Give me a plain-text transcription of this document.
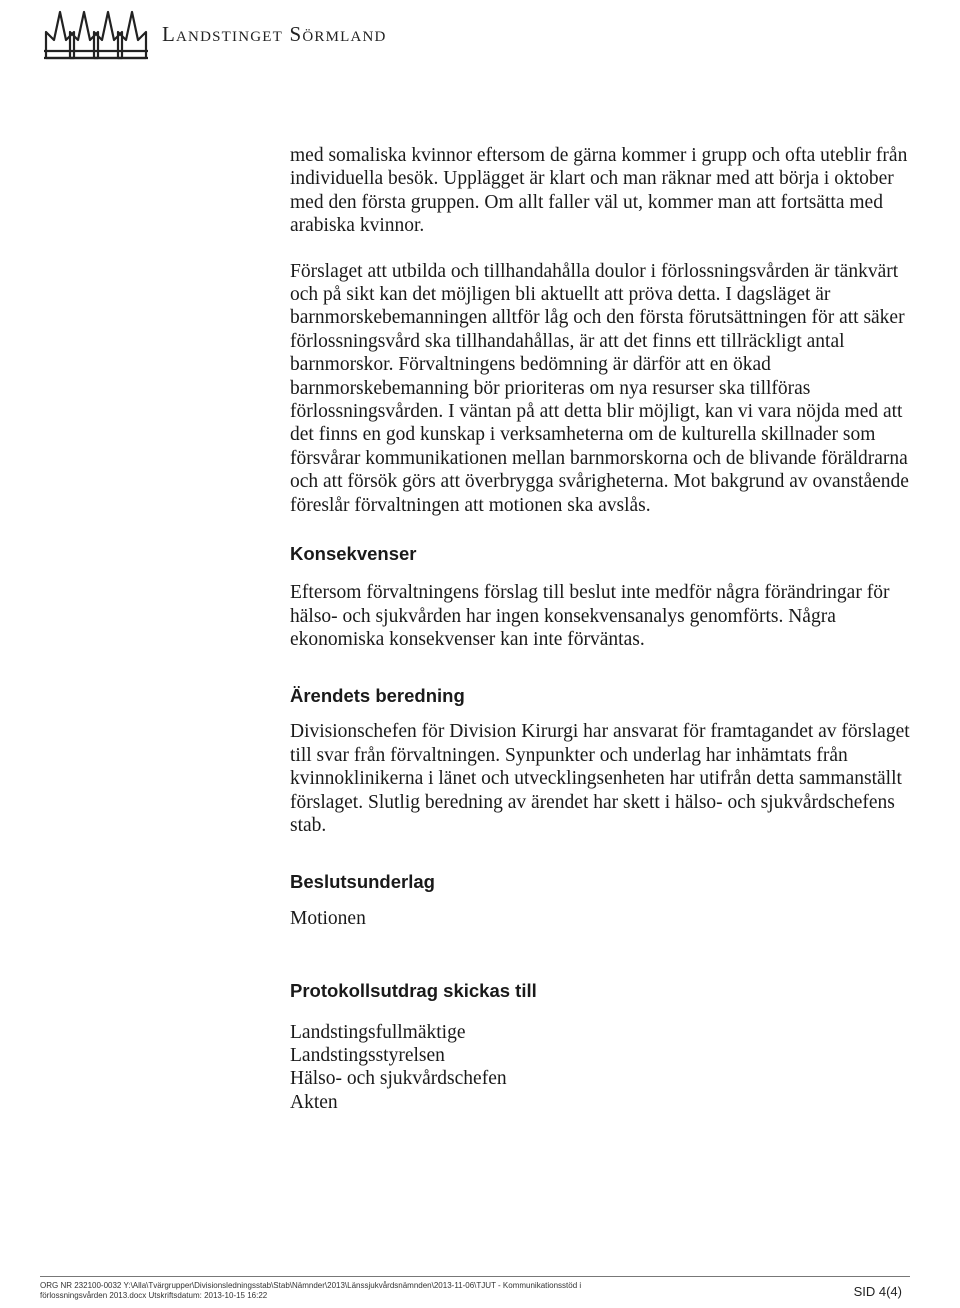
Landstinget Sörmland

med somaliska kvinnor eftersom de gärna kommer i grupp och ofta uteblir från individuella besök. Upplägget är klart och man räknar med att börja i oktober med den första gruppen. Om allt faller väl ut, kommer man att fortsätta med arabiska kvinnor.

Förslaget att utbilda och tillhandahålla doulor i förlossningsvården är tänkvärt och på sikt kan det möjligen bli aktuellt att pröva detta. I dagsläget är barnmorskebemanningen alltför låg och den första förutsättningen för att säker förlossningsvård ska tillhandahållas, är att det finns ett tillräckligt antal barnmorskor. Förvaltningens bedömning är därför att en ökad barnmorskebemanning bör prioriteras om nya resurser ska tillföras förlossningsvården. I väntan på att detta blir möjligt, kan vi vara nöjda med att det finns en god kunskap i verksamheterna om de kulturella skillnader som försvårar kommunikationen mellan barnmorskorna och de blivande föräldrarna och att försök görs att överbrygga svårigheterna. Mot bakgrund av ovanstående föreslår förvaltningen att motionen ska avslås.

Konsekvenser

Eftersom förvaltningens förslag till beslut inte medför några förändringar för hälso- och sjukvården har ingen konsekvensanalys genomförts. Några ekonomiska konsekvenser kan inte förväntas.

Ärendets beredning

Divisionschefen för Division Kirurgi har ansvarat för framtagandet av förslaget till svar från förvaltningen. Synpunkter och underlag har inhämtats från kvinnoklinikerna i länet och utvecklingsenheten har utifrån detta sammanställt förslaget. Slutlig beredning av ärendet har skett i hälso- och sjukvårdschefens stab.

Beslutsunderlag

Motionen

Protokollsutdrag skickas till
Landstingsfullmäktige
Landstingsstyrelsen
Hälso- och sjukvårdschefen
Akten
ORG NR 232100-0032 Y:\Alla\Tvärgrupper\Divisionsledningsstab\Stab\Nämnder\2013\Länssjukvårdsnämnden\2013-11-06\TJUT - Kommunikationsstöd i
förlossningsvården 2013.docx Utskriftsdatum: 2013-10-15 16:22	SID 4(4)
